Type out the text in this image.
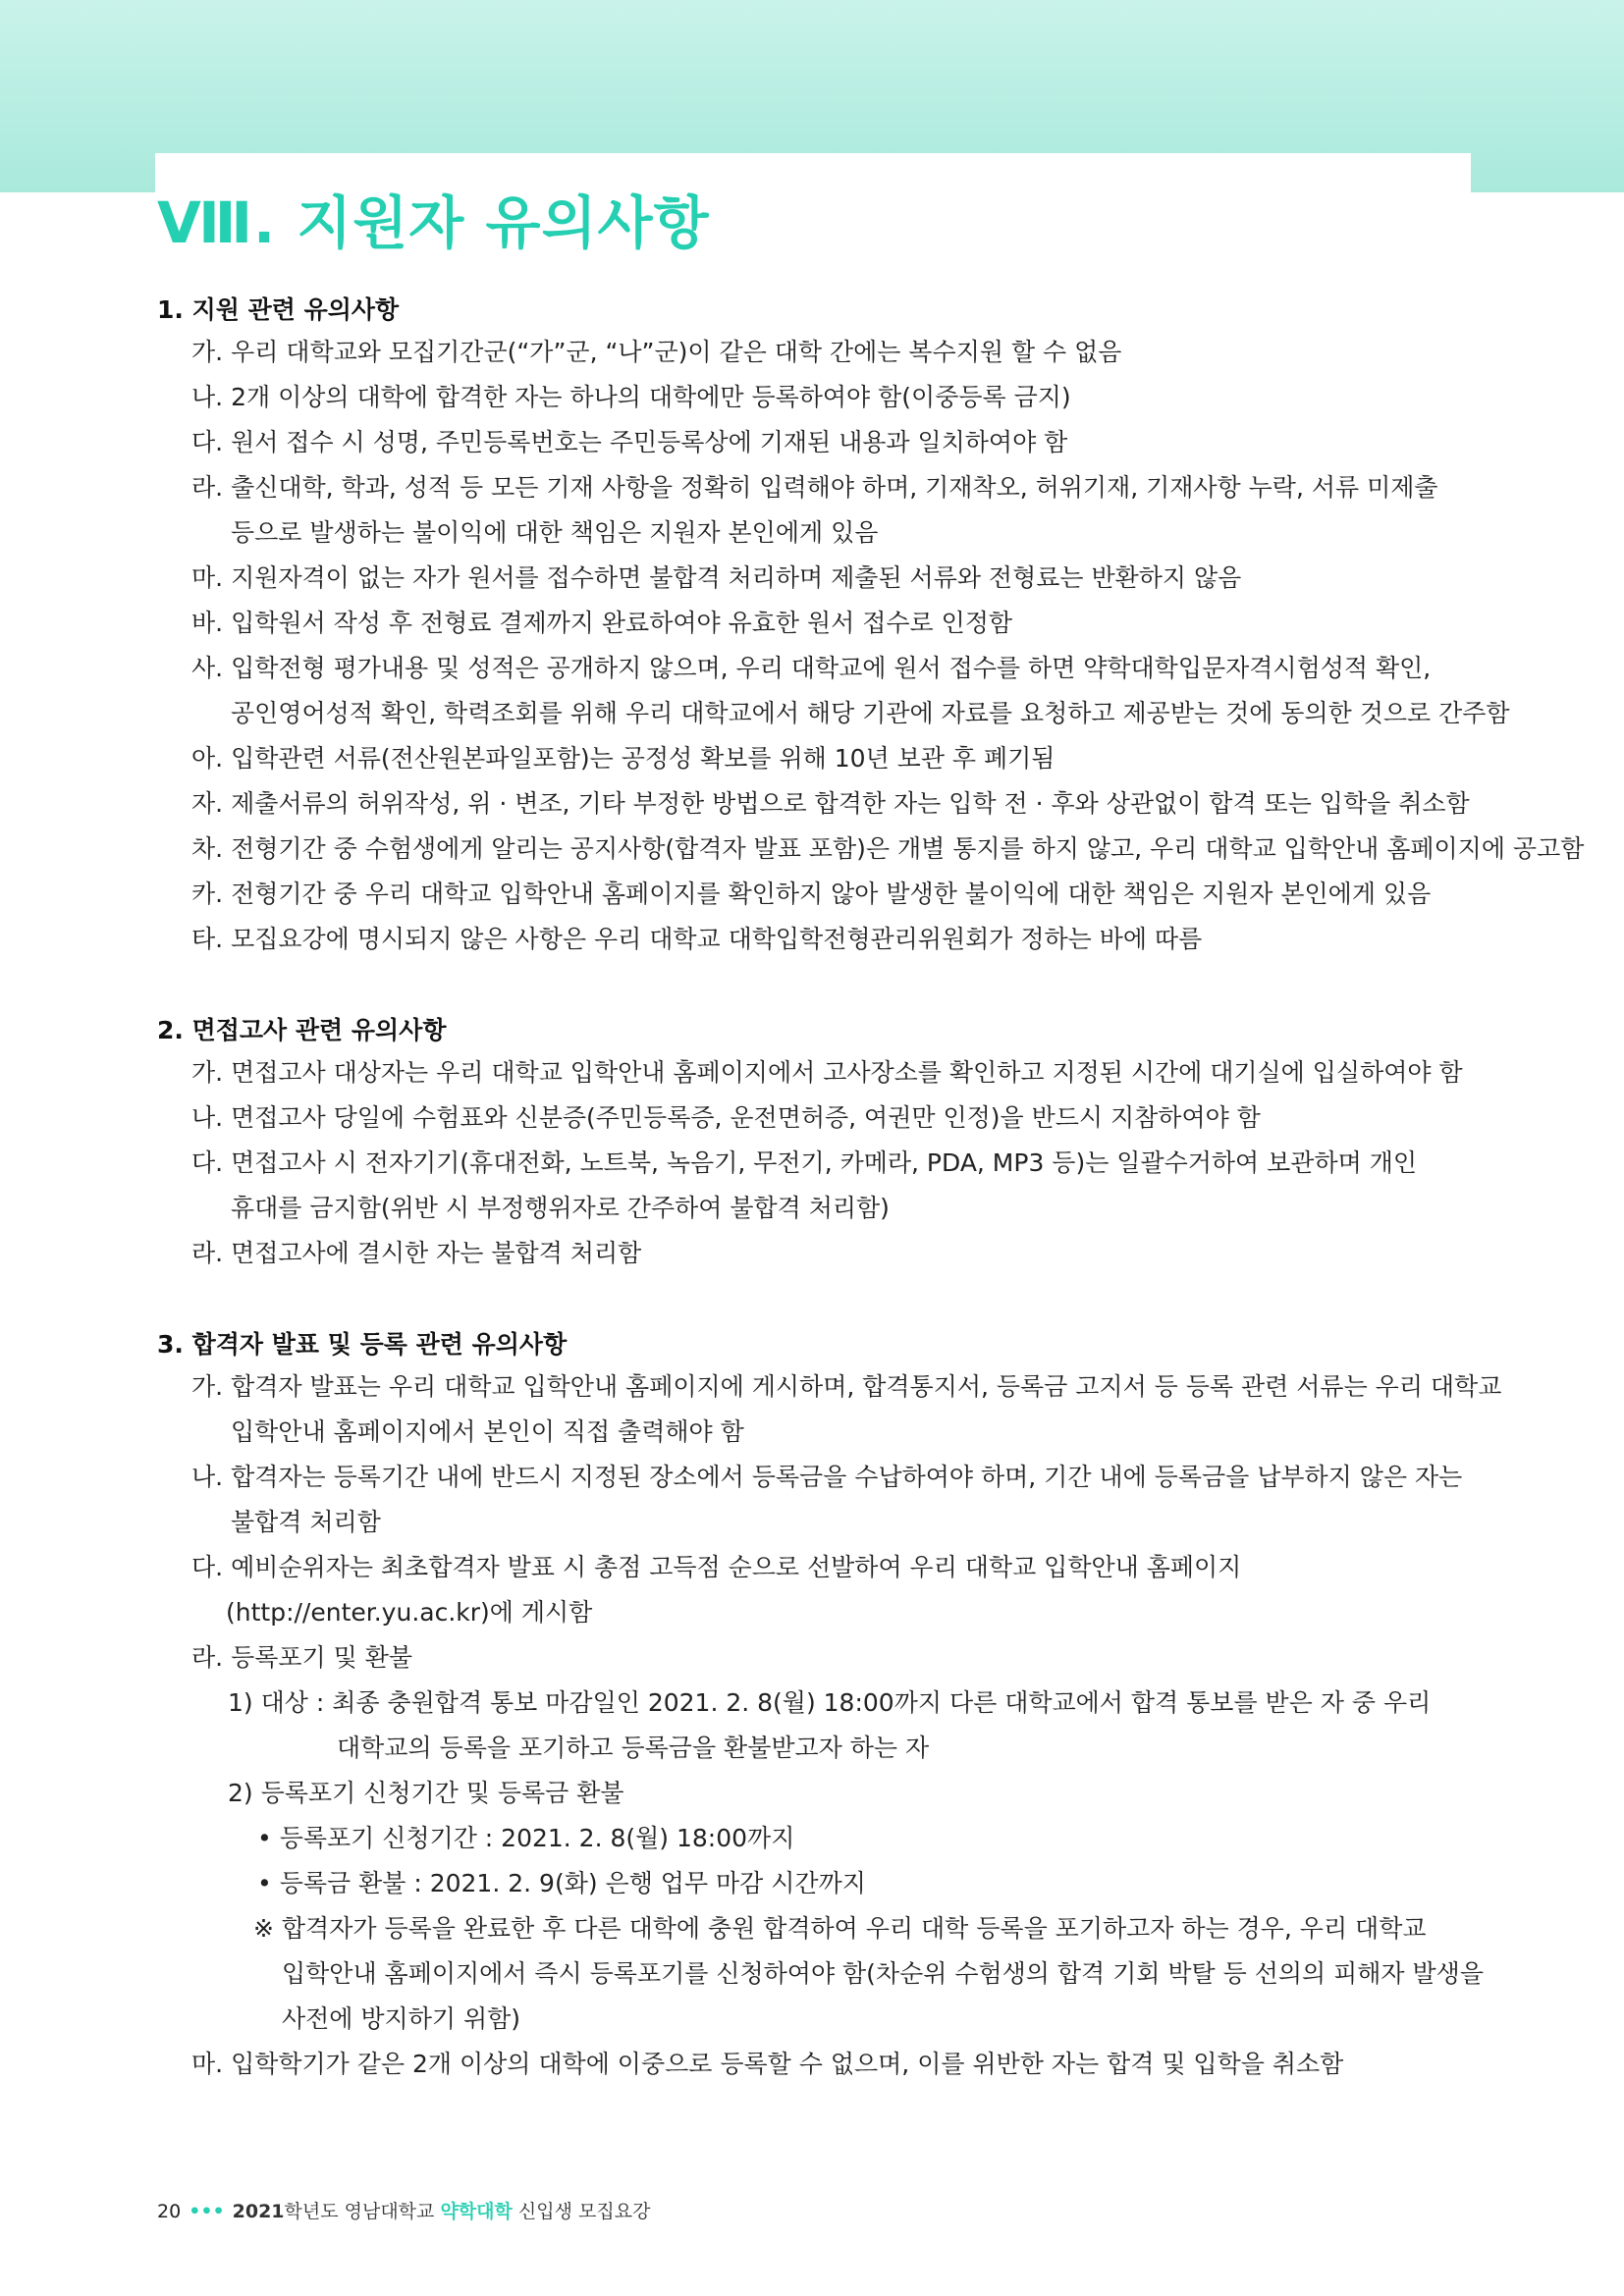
Ⅷ. 지원자 유의사항
1. 지원 관련 유의사항
가. 우리 대학교와 모집기간군(“가”군, “나”군)이 같은 대학 간에는 복수지원 할 수 없음
나. 2개 이상의 대학에 합격한 자는 하나의 대학에만 등록하여야 함(이중등록 금지)
다. 원서 접수 시 성명, 주민등록번호는 주민등록상에 기재된 내용과 일치하여야 함
라. 출신대학, 학과, 성적 등 모든 기재 사항을 정확히 입력해야 하며, 기재착오, 허위기재, 기재사항 누락, 서류 미제출
등으로 발생하는 불이익에 대한 책임은 지원자 본인에게 있음
마. 지원자격이 없는 자가 원서를 접수하면 불합격 처리하며 제출된 서류와 전형료는 반환하지 않음
바. 입학원서 작성 후 전형료 결제까지 완료하여야 유효한 원서 접수로 인정함
사. 입학전형 평가내용 및 성적은 공개하지 않으며, 우리 대학교에 원서 접수를 하면 약학대학입문자격시험성적 확인,
공인영어성적 확인, 학력조회를 위해 우리 대학교에서 해당 기관에 자료를 요청하고 제공받는 것에 동의한 것으로 간주함
아. 입학관련 서류(전산원본파일포함)는 공정성 확보를 위해 10년 보관 후 폐기됨
자. 제출서류의 허위작성, 위 · 변조, 기타 부정한 방법으로 합격한 자는 입학 전 · 후와 상관없이 합격 또는 입학을 취소함
차. 전형기간 중 수험생에게 알리는 공지사항(합격자 발표 포함)은 개별 통지를 하지 않고, 우리 대학교 입학안내 홈페이지에 공고함
카. 전형기간 중 우리 대학교 입학안내 홈페이지를 확인하지 않아 발생한 불이익에 대한 책임은 지원자 본인에게 있음
타. 모집요강에 명시되지 않은 사항은 우리 대학교 대학입학전형관리위원회가 정하는 바에 따름
2. 면접고사 관련 유의사항
가. 면접고사 대상자는 우리 대학교 입학안내 홈페이지에서 고사장소를 확인하고 지정된 시간에 대기실에 입실하여야 함
나. 면접고사 당일에 수험표와 신분증(주민등록증, 운전면허증, 여권만 인정)을 반드시 지참하여야 함
다. 면접고사 시 전자기기(휴대전화, 노트북, 녹음기, 무전기, 카메라, PDA, MP3 등)는 일괄수거하여 보관하며 개인
휴대를 금지함(위반 시 부정행위자로 간주하여 불합격 처리함)
라. 면접고사에 결시한 자는 불합격 처리함
3. 합격자 발표 및 등록 관련 유의사항
가. 합격자 발표는 우리 대학교 입학안내 홈페이지에 게시하며, 합격통지서, 등록금 고지서 등 등록 관련 서류는 우리 대학교
입학안내 홈페이지에서 본인이 직접 출력해야 함
나. 합격자는 등록기간 내에 반드시 지정된 장소에서 등록금을 수납하여야 하며, 기간 내에 등록금을 납부하지 않은 자는
불합격 처리함
다. 예비순위자는 최초합격자 발표 시 총점 고득점 순으로 선발하여 우리 대학교 입학안내 홈페이지
(http://enter.yu.ac.kr)에 게시함
라. 등록포기 및 환불
1) 대상 : 최종 충원합격 통보 마감일인 2021. 2. 8(월) 18:00까지 다른 대학교에서 합격 통보를 받은 자 중 우리
대학교의 등록을 포기하고 등록금을 환불받고자 하는 자
2) 등록포기 신청기간 및 등록금 환불
• 등록포기 신청기간 : 2021. 2. 8(월) 18:00까지
• 등록금 환불 : 2021. 2. 9(화) 은행 업무 마감 시간까지
※ 합격자가 등록을 완료한 후 다른 대학에 충원 합격하여 우리 대학 등록을 포기하고자 하는 경우, 우리 대학교
입학안내 홈페이지에서 즉시 등록포기를 신청하여야 함(차순위 수험생의 합격 기회 박탈 등 선의의 피해자 발생을
사전에 방지하기 위함)
마. 입학학기가 같은 2개 이상의 대학에 이중으로 등록할 수 없으며, 이를 위반한 자는 합격 및 입학을 취소함
20 ••• 2021학년도 영남대학교 약학대학 신입생 모집요강
